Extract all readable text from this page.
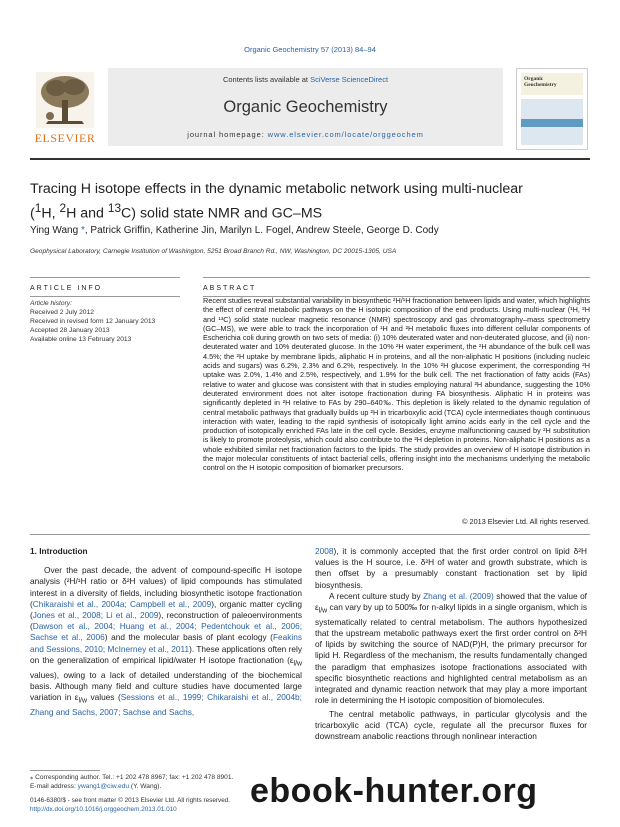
Organic Geochemistry 57 (2013) 84–94
ELSEVIER
Contents lists available at SciVerse ScienceDirect
Organic Geochemistry
journal homepage: www.elsevier.com/locate/orggeochem
Organic
Geochemistry
Tracing H isotope effects in the dynamic metabolic network using multi-nuclear
($^1$H, $^2$H and $^{13}$C) solid state NMR and GC–MS
Ying Wang *, Patrick Griffin, Katherine Jin, Marilyn L. Fogel, Andrew Steele, George D. Cody
Geophysical Laboratory, Carnegie Institution of Washington, 5251 Broad Branch Rd., NW, Washington, DC 20015-1305, USA
ARTICLE INFO	ABSTRACT
Article history:
Received 2 July 2012
Received in revised form 12 January 2013
Accepted 28 January 2013
Available online 13 February 2013
Recent studies reveal substantial variability in biosynthetic ²H/¹H fractionation between lipids and water, which highlights the effect of central metabolic pathways on the H isotopic composition of the end products. Using multi-nuclear (¹H, ²H and ¹³C) solid state nuclear magnetic resonance (NMR) spectroscopy and gas chromatography–mass spectrometry (GC–MS), we were able to track the incorporation of ¹H and ²H metabolic fluxes into different cellular components of Escherichia coli during growth on two sets of media: (i) 10% deuterated water and non-deuterated glucose, and (ii) non-deuterated water and 10% deuterated glucose. In the 10% ²H water experiment, the ²H abundance of the bulk cell was 4.5%; the ²H uptake by membrane lipids, aliphatic H in proteins, and all the non-aliphatic H positions (including nucleic acids and sugars) was 6.2%, 2.3% and 6.2%, respectively. In the 10% ²H glucose experiment, the corresponding ²H uptake was 2.0%, 1.4% and 2.5%, respectively, and 1.9% for the bulk cell. The net fractionation of fatty acids (FAs) relative to water and glucose was consistent with that in studies employing natural ²H abundance, suggesting the 10% deuterated environment does not alter isotope fractionation during FA biosynthesis. Aliphatic H in proteins was significantly depleted in ²H relative to FAs by 290–640‰. This depletion is likely related to the dynamic regulation of central metabolic pathways that gradually builds up ²H in tricarboxylic acid (TCA) cycle intermediates though continuous interaction with water, leading to the rapid synthesis of isotopically light amino acids early in the cell cycle and the production of isotopically enriched FAs late in the cell cycle. Besides, enzyme malfunctioning caused by ²H substitution is likely to promote proteolysis, which could also contribute to the ²H depletion in proteins. Non-aliphatic H positions as a whole exhibited similar net fractionation factors to the lipids. The study provides an overview of H isotope distribution in the major molecular constituents of intact bacterial cells, offering insight into the mechanisms underlying the metabolic control on the H isotopic composition of biomarker precursors.
© 2013 Elsevier Ltd. All rights reserved.
1. Introduction
Over the past decade, the advent of compound-specific H isotope analysis (²H/¹H ratio or δ²H values) of lipid compounds has stimulated interest in a diversity of fields, including biosynthetic isotope fractionation (Chikaraishi et al., 2004a; Campbell et al., 2009), organic matter cycling (Jones et al., 2008; Li et al., 2009), reconstruction of paleoenvironments (Dawson et al., 2004; Huang et al., 2004; Pedentchouk et al., 2006; Sachse et al., 2006) and the molecular basis of plant ecology (Feakins and Sessions, 2010; McInerney et al., 2011). These applications often rely on the generalization of empirical lipid/water H isotope fractionation ($\varepsilon_{l/w}$ values), owing to a lack of detailed understanding of the biochemical basis. Although many field and culture studies have documented large variation in $\varepsilon_{l/w}$ values (Sessions et al., 1999; Chikaraishi et al., 2004b; Zhang and Sachs, 2007; Sachse and Sachs,
2008), it is commonly accepted that the first order control on lipid δ²H values is the H source, i.e. δ²H of water and growth substrate, which is then offset by a presumably constant fractionation set by lipid biosynthesis.
A recent culture study by Zhang et al. (2009) showed that the value of $\varepsilon_{l/w}$ can vary by up to 500‰ for n-alkyl lipids in a single organism, which is systematically related to central metabolism. The authors hypothesized that the upstream metabolic pathways exert the first order control on δ²H of lipids by switching the source of NAD(P)H, the primary precursor for lipid H. Regardless of the mechanism, the results fundamentally changed the paradigm that emphasizes isotope fractionations associated with specific biosynthetic reactions and highlighted central metabolism as an integrated and dynamic reaction network that may play a more important role in determining the H isotopic composition of biomolecules.
The central metabolic pathways, in particular glycolysis and the tricarboxylic acid (TCA) cycle, regulate all the precursor fluxes for downstream anabolic reactions through nonlinear interaction
⁎ Corresponding author. Tel.: +1 202 478 8967; fax: +1 202 478 8901.
E-mail address: ywang1@ciw.edu (Y. Wang).
0146-6380/$ - see front matter © 2013 Elsevier Ltd. All rights reserved.
http://dx.doi.org/10.1016/j.orggeochem.2013.01.010	ebook-hunter.org
